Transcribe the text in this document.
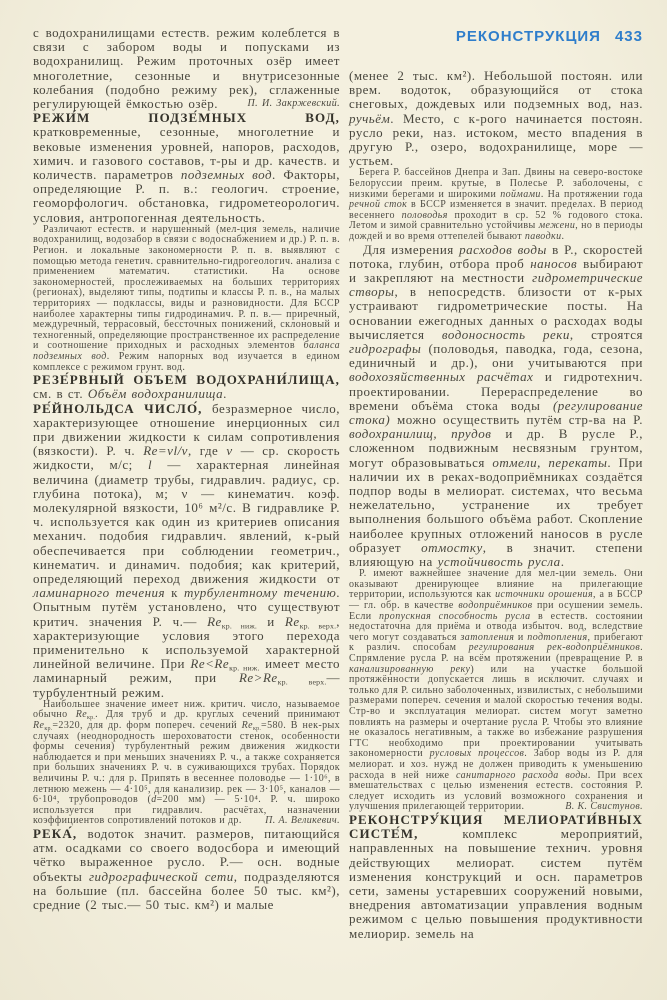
с водохранилищами естеств. режим колеблется в связи с забором воды и попусками из водохранилищ. Режим проточных озёр имеет многолетние, сезонные и внутрисезонные колебания (подобно режиму рек), сглаженные регулирующей ёмкостью озёр.	П. И. Закржевский.

РЕЖИ́М ПОДЗЕ́МНЫХ ВОД, кратковременные, сезонные, многолетние и вековые изменения уровней, напоров, расходов, химич. и газового составов, т-ры и др. качеств. и количеств. параметров подземных вод. Факторы, определяющие Р. п. в.: геологич. строение, геоморфологич. обстановка, гидрометеорологич. условия, антропогенная деятельность.

Различают естеств. и нарушенный (мел-ция земель, наличие водохранилищ, водозабор в связи с водоснабжением и др.) Р. п. в. Регион. и локальные закономерности Р. п. в. выявляют с помощью метода генетич. сравнительно-гидрогеологич. анализа с применением математич. статистики. На основе закономерностей, прослеживаемых на больших территориях (регионах), выделяют типы, подтипы и классы Р. п. в., на малых территориях — подклассы, виды и разновидности. Для БССР наиболее характерны типы гидродинамич. Р. п. в.— приречный, междуречный, террасовый, бессточных понижений, склоновый и техногенный, определяющие пространственное их распределение и соотношение приходных и расходных элементов баланса подземных вод. Режим напорных вод изучается в едином комплексе с режимом грунт. вод.

РЕЗЕ́РВНЫЙ ОБЪЕМ ВОДОХРАНИ́ЛИЩА, см. в ст. Объём водохранилища.

РЕ́ЙНОЛЬДСА ЧИСЛО́, безразмерное число, характеризующее отношение инерционных сил при движении жидкости к силам сопротивления (вязкости). Р. ч. Re=vl/ν, где v — ср. скорость жидкости, м/с; l — характерная линейная величина (диаметр трубы, гидравлич. радиус, ср. глубина потока), м; ν — кинематич. коэф. молекулярной вязкости, 10⁶ м²/с. В гидравлике Р. ч. используется как один из критериев описания механич. подобия гидравлич. явлений, к-рый обеспечивается при соблюдении геометрич., кинематич. и динамич. подобия; как критерий, определяющий переход движения жидкости от ламинарного течения к турбулентному течению. Опытным путём установлено, что существуют критич. значения Р. ч.— Reкр. ниж. и Reкр. верх., характеризующие условия этого перехода применительно к используемой характерной линейной величине. При Re<Reкр. ниж. имеет место ламинарный режим, при Re>Reкр. верх.— турбулентный режим.

Наибольшее значение имеет ниж. критич. число, называемое обычно Reкр.. Для труб и др. круглых сечений принимают Reкр.=2320, для др. форм попереч. сечений Reкр.=580. В нек-рых случаях (неоднородность шероховатости стенок, особенности формы сечения) турбулентный режим движения жидкости наблюдается и при меньших значениях Р. ч., а также сохраняется при больших значениях Р. ч. в суживающихся трубах. Порядок величины Р. ч.: для р. Припять в весеннее половодье — 1·10⁶, в летнюю межень — 4·10⁵, для канализир. рек — 3·10⁵, каналов — 6·10⁴, трубопроводов (d=200 мм) — 5·10⁴. Р. ч. широко используется при гидравлич. расчётах, назначении коэффициентов сопротивлений потоков и др.	П. А. Великевич.

РЕКА́, водоток значит. размеров, питающийся атм. осадками со своего водосбора и имеющий чётко выраженное русло. Р.— осн. водные объекты гидрографической сети, подразделяются на большие (пл. бассейна более 50 тыс. км²), средние (2 тыс.— 50 тыс. км²) и малые

РЕКОНСТРУКЦИЯ 433

(менее 2 тыс. км²). Небольшой постоян. или врем. водоток, образующийся от стока снеговых, дождевых или подземных вод, наз. ручьём. Место, с к-рого начинается постоян. русло реки, наз. истоком, место впадения в другую Р., озеро, водохранилище, море — устьем.

Берега Р. бассейнов Днепра и Зап. Двины на северо-востоке Белоруссии преим. крутые, в Полесье Р. заболочены, с низкими берегами и широкими поймами. На протяжении года речной сток в БССР изменяется в значит. пределах. В период весеннего половодья проходит в ср. 52 % годового стока. Летом и зимой сравнительно устойчивы межени, но в периоды дождей и во время оттепелей бывают паводки.

Для измерения расходов воды в Р., скоростей потока, глубин, отбора проб наносов выбирают и закрепляют на местности гидрометрические створы, в непосредств. близости от к-рых устраивают гидрометрические посты. На основании ежегодных данных о расходах воды вычисляется водоносность реки, строятся гидрографы (половодья, паводка, года, сезона, единичный и др.), они учитываются при водохозяйственных расчётах и гидротехнич. проектировании. Перераспределение во времени объёма стока воды (регулирование стока) можно осуществить путём стр-ва на Р. водохранилищ, прудов и др. В русле Р., сложенном подвижным несвязным грунтом, могут образовываться отмели, перекаты. При наличии их в реках-водоприёмниках создаётся подпор воды в мелиорат. системах, что весьма нежелательно, устранение их требует выполнения большого объёма работ. Скопление наиболее крупных отложений наносов в русле образует отмостку, в значит. степени влияющую на устойчивость русла.

Р. имеют важнейшее значение для мел-ции земель. Они оказывают дренирующее влияние на прилегающие территории, используются как источники орошения, а в БССР — гл. обр. в качестве водоприёмников при осушении земель. Если пропускная способность русла в естеств. состоянии недостаточна для приёма и отвода избыточ. вод, вследствие чего могут создаваться затопления и подтопления, прибегают к различ. способам регулирования рек-водоприёмников. Спрямление русла Р. на всём протяжении (превращение Р. в канализированную реку) или на участке большой протяжённости допускается лишь в исключит. случаях и только для Р. сильно заболоченных, извилистых, с небольшими размерами попереч. сечения и малой скоростью течения воды. Стр-во и эксплуатация мелиорат. систем могут заметно повлиять на размеры и очертание русла Р. Чтобы это влияние не оказалось негативным, а также во избежание разрушения ГТС необходимо при проектировании учитывать закономерности русловых процессов. Забор воды из Р. для мелиорат. и хоз. нужд не должен приводить к уменьшению расхода в ней ниже санитарного расхода воды. При всех вмешательствах с целью изменения естеств. состояния Р. следует исходить из условий возможного сохранения и улучшения прилегающей территории.	В. К. Свистунов.

РЕКОНСТРУ́КЦИЯ МЕЛИОРАТИ́ВНЫХ СИСТЕ́М, комплекс мероприятий, направленных на повышение технич. уровня действующих мелиорат. систем путём изменения конструкций и осн. параметров сети, замены устаревших сооружений новыми, внедрения автоматизации управления водным режимом с целью повышения продуктивности мелиорир. земель на
